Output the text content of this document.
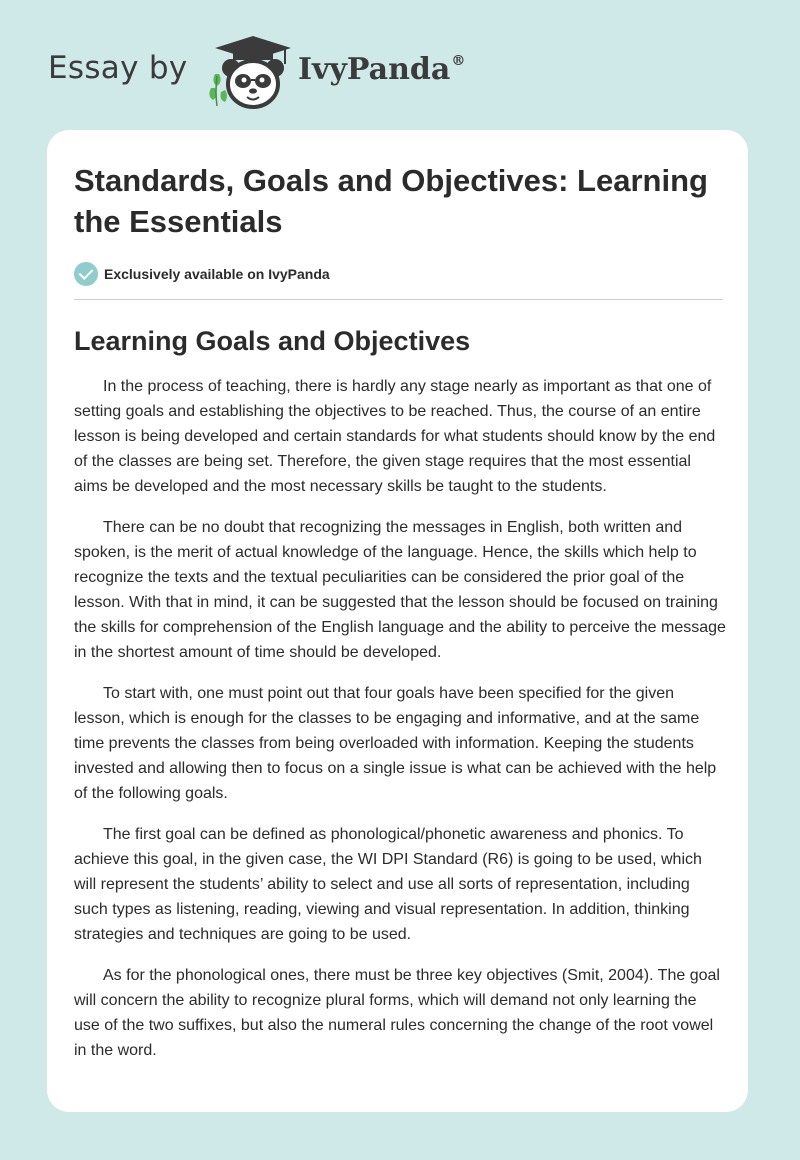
Essay by	IvyPanda®
Standards, Goals and Objectives: Learning the Essentials
Exclusively available on IvyPanda
Learning Goals and Objectives

In the process of teaching, there is hardly any stage nearly as important as that one of setting goals and establishing the objectives to be reached. Thus, the course of an entire lesson is being developed and certain standards for what students should know by the end of the classes are being set. Therefore, the given stage requires that the most essential aims be developed and the most necessary skills be taught to the students.

There can be no doubt that recognizing the messages in English, both written and spoken, is the merit of actual knowledge of the language. Hence, the skills which help to recognize the texts and the textual peculiarities can be considered the prior goal of the lesson. With that in mind, it can be suggested that the lesson should be focused on training the skills for comprehension of the English language and the ability to perceive the message in the shortest amount of time should be developed.

To start with, one must point out that four goals have been specified for the given lesson, which is enough for the classes to be engaging and informative, and at the same time prevents the classes from being overloaded with information. Keeping the students invested and allowing then to focus on a single issue is what can be achieved with the help of the following goals.

The first goal can be defined as phonological/phonetic awareness and phonics. To achieve this goal, in the given case, the WI DPI Standard (R6) is going to be used, which will represent the students’ ability to select and use all sorts of representation, including such types as listening, reading, viewing and visual representation. In addition, thinking strategies and techniques are going to be used.

As for the phonological ones, there must be three key objectives (Smit, 2004). The goal will concern the ability to recognize plural forms, which will demand not only learning the use of the two suffixes, but also the numeral rules concerning the change of the root vowel in the word.
